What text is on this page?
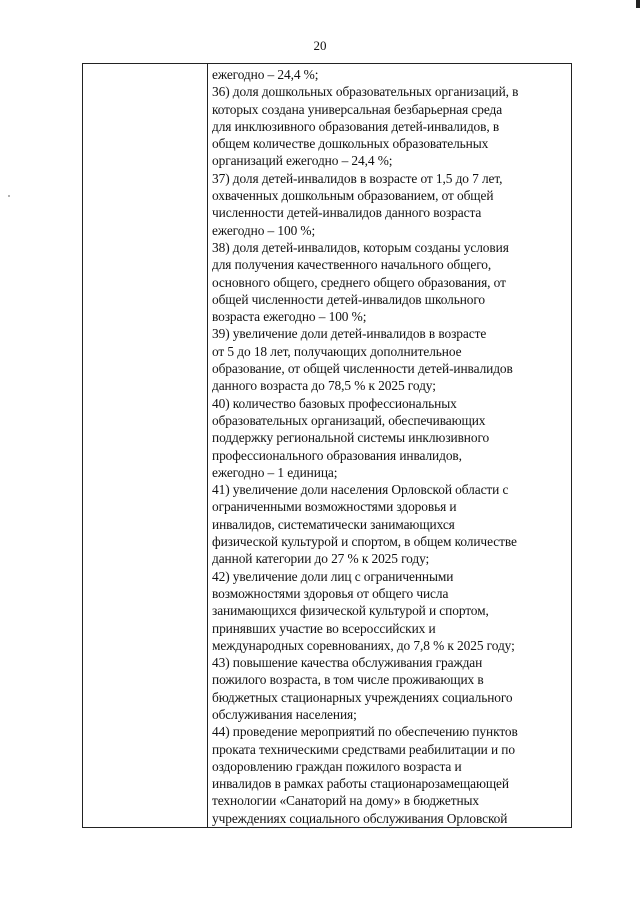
20
ежегодно – 24,4 %;
36) доля дошкольных образовательных организаций, в
которых создана универсальная безбарьерная среда
для инклюзивного образования детей-инвалидов, в
общем количестве дошкольных образовательных
организаций ежегодно – 24,4 %;
37) доля детей-инвалидов в возрасте от 1,5 до 7 лет,
охваченных дошкольным образованием, от общей
численности детей-инвалидов данного возраста
ежегодно – 100 %;
38) доля детей-инвалидов, которым созданы условия
для получения качественного начального общего,
основного общего, среднего общего образования, от
общей численности детей-инвалидов школьного
возраста ежегодно – 100 %;
39) увеличение доли детей-инвалидов в возрасте
от 5 до 18 лет, получающих дополнительное
образование, от общей численности детей-инвалидов
данного возраста до 78,5 % к 2025 году;
40) количество базовых профессиональных
образовательных организаций, обеспечивающих
поддержку региональной системы инклюзивного
профессионального образования инвалидов,
ежегодно – 1 единица;
41) увеличение доли населения Орловской области с
ограниченными возможностями здоровья и
инвалидов, систематически занимающихся
физической культурой и спортом, в общем количестве
данной категории до 27 % к 2025 году;
42) увеличение доли лиц с ограниченными
возможностями здоровья от общего числа
занимающихся физической культурой и спортом,
принявших участие во всероссийских и
международных соревнованиях, до 7,8 % к 2025 году;
43) повышение качества обслуживания граждан
пожилого возраста, в том числе проживающих в
бюджетных стационарных учреждениях социального
обслуживания населения;
44) проведение мероприятий по обеспечению пунктов
проката техническими средствами реабилитации и по
оздоровлению граждан пожилого возраста и
инвалидов в рамках работы стационарозамещающей
технологии «Санаторий на дому» в бюджетных
учреждениях социального обслуживания Орловской
